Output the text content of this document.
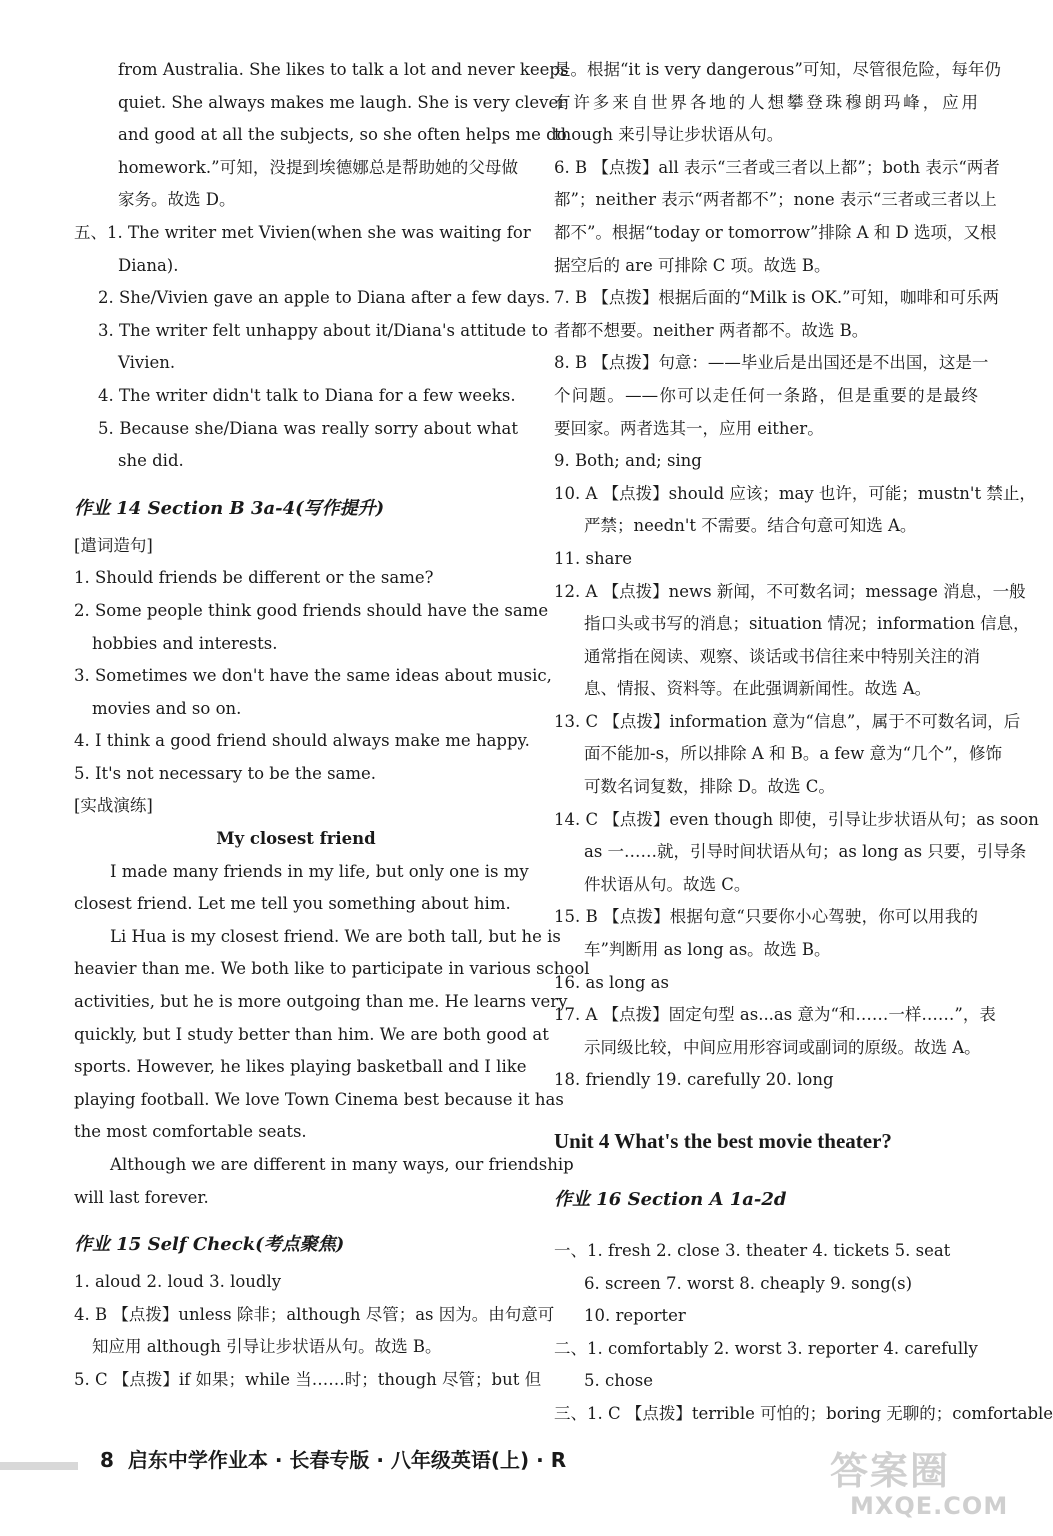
from Australia. She likes to talk a lot and never keeps
quiet. She always makes me laugh. She is very clever
and good at all the subjects, so she often helps me do
homework.”可知，没提到埃德娜总是帮助她的父母做
家务。故选 D。
五、1. The writer met Vivien(when she was waiting for
Diana).
2. She/Vivien gave an apple to Diana after a few days.
3. The writer felt unhappy about it/Diana's attitude to
Vivien.
4. The writer didn't talk to Diana for a few weeks.
5. Because she/Diana was really sorry about what
she did.
作业 14 Section B 3a-4(写作提升)
[遣词造句]
1. Should friends be different or the same?
2. Some people think good friends should have the same
hobbies and interests.
3. Sometimes we don't have the same ideas about music,
movies and so on.
4. I think a good friend should always make me happy.
5. It's not necessary to be the same.
[实战演练]
My closest friend
I made many friends in my life, but only one is my
closest friend. Let me tell you something about him.
Li Hua is my closest friend. We are both tall, but he is
heavier than me. We both like to participate in various school
activities, but he is more outgoing than me. He learns very
quickly, but I study better than him. We are both good at
sports. However, he likes playing basketball and I like
playing football. We love Town Cinema best because it has
the most comfortable seats.
Although we are different in many ways, our friendship
will last forever.
作业 15 Self Check(考点聚焦)
1. aloud 2. loud 3. loudly
4. B 【点拨】unless 除非；although 尽管；as 因为。由句意可
知应用 although 引导让步状语从句。故选 B。
5. C 【点拨】if 如果；while 当……时；though 尽管；but 但
是。根据“it is very dangerous”可知，尽管很危险，每年仍
有许多来自世界各地的人想攀登珠穆朗玛峰，应用
though 来引导让步状语从句。
6. B 【点拨】all 表示“三者或三者以上都”；both 表示“两者
都”；neither 表示“两者都不”；none 表示“三者或三者以上
都不”。根据“today or tomorrow”排除 A 和 D 选项，又根
据空后的 are 可排除 C 项。故选 B。
7. B 【点拨】根据后面的“Milk is OK.”可知，咖啡和可乐两
者都不想要。neither 两者都不。故选 B。
8. B 【点拨】句意：——毕业后是出国还是不出国，这是一
个问题。——你可以走任何一条路，但是重要的是最终
要回家。两者选其一，应用 either。
9. Both; and; sing
10. A 【点拨】should 应该；may 也许，可能；mustn't 禁止，
严禁；needn't 不需要。结合句意可知选 A。
11. share
12. A 【点拨】news 新闻，不可数名词；message 消息，一般
指口头或书写的消息；situation 情况；information 信息，
通常指在阅读、观察、谈话或书信往来中特别关注的消
息、情报、资料等。在此强调新闻性。故选 A。
13. C 【点拨】information 意为“信息”，属于不可数名词，后
面不能加-s，所以排除 A 和 B。a few 意为“几个”，修饰
可数名词复数，排除 D。故选 C。
14. C 【点拨】even though 即使，引导让步状语从句；as soon
as 一……就，引导时间状语从句；as long as 只要，引导条
件状语从句。故选 C。
15. B 【点拨】根据句意“只要你小心驾驶，你可以用我的
车”判断用 as long as。故选 B。
16. as long as
17. A 【点拨】固定句型 as...as 意为“和……一样……”，表
示同级比较，中间应用形容词或副词的原级。故选 A。
18. friendly 19. carefully 20. long
Unit 4 What's the best movie theater?
作业 16 Section A 1a-2d
一、1. fresh 2. close 3. theater 4. tickets 5. seat
6. screen 7. worst 8. cheaply 9. song(s)
10. reporter
二、1. comfortably 2. worst 3. reporter 4. carefully
5. chose
三、1. C 【点拨】terrible 可怕的；boring 无聊的；comfortable
8 启东中学作业本 · 长春专版 · 八年级英语(上) · R	答案圈
MXQE.COM
